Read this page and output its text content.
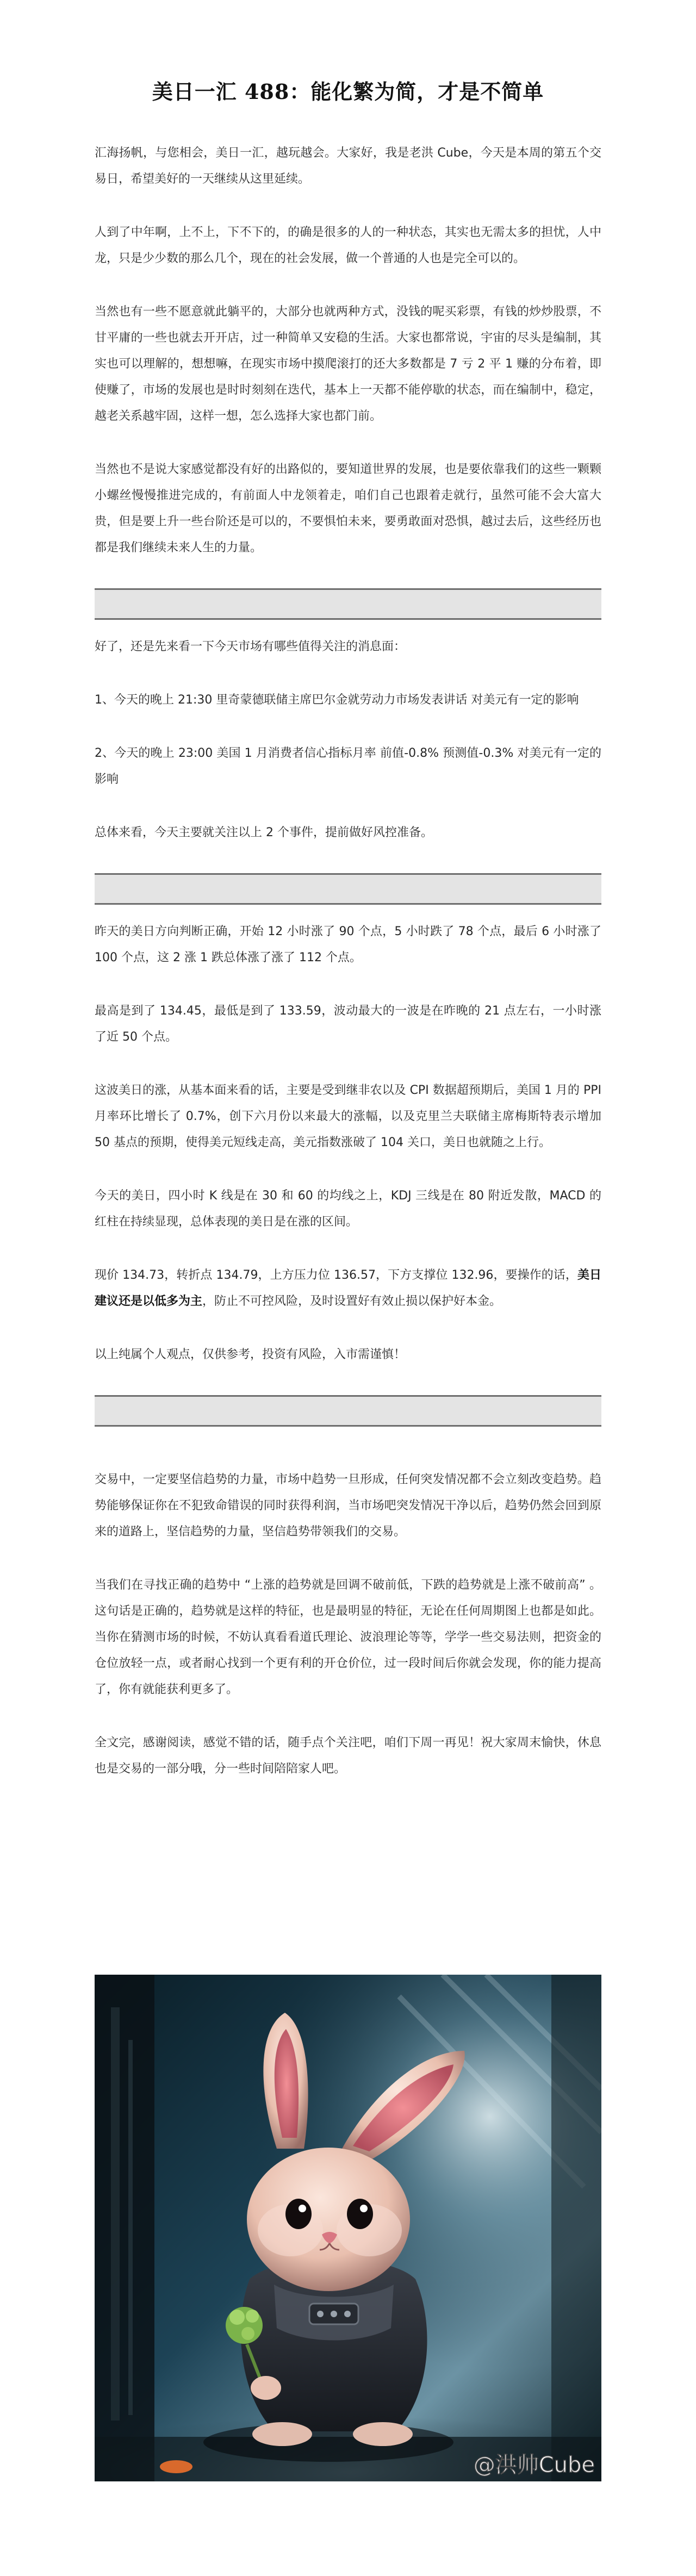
美日一汇 488：能化繁为简，才是不简单

汇海扬帆，与您相会，美日一汇，越玩越会。大家好，我是老洪 Cube，今天是本周的第五个交易日，希望美好的一天继续从这里延续。

人到了中年啊，上不上，下不下的，的确是很多的人的一种状态，其实也无需太多的担忧，人中龙，只是少少数的那么几个，现在的社会发展，做一个普通的人也是完全可以的。

当然也有一些不愿意就此躺平的，大部分也就两种方式，没钱的呢买彩票，有钱的炒炒股票，不甘平庸的一些也就去开开店，过一种简单又安稳的生活。大家也都常说，宇宙的尽头是编制，其实也可以理解的，想想嘛，在现实市场中摸爬滚打的还大多数都是 7 亏 2 平 1 赚的分布着，即使赚了，市场的发展也是时时刻刻在迭代，基本上一天都不能停歇的状态，而在编制中，稳定，越老关系越牢固，这样一想，怎么选择大家也都门前。

当然也不是说大家感觉都没有好的出路似的，要知道世界的发展，也是要依靠我们的这些一颗颗小螺丝慢慢推进完成的，有前面人中龙领着走，咱们自己也跟着走就行，虽然可能不会大富大贵，但是要上升一些台阶还是可以的，不要惧怕未来，要勇敢面对恐惧，越过去后，这些经历也都是我们继续未来人生的力量。

好了，还是先来看一下今天市场有哪些值得关注的消息面：

1、今天的晚上 21:30 里奇蒙德联储主席巴尔金就劳动力市场发表讲话 对美元有一定的影响

2、今天的晚上 23:00 美国 1 月消费者信心指标月率 前值-0.8% 预测值-0.3% 对美元有一定的影响

总体来看，今天主要就关注以上 2 个事件，提前做好风控准备。

昨天的美日方向判断正确，开始 12 小时涨了 90 个点，5 小时跌了 78 个点，最后 6 小时涨了 100 个点，这 2 涨 1 跌总体涨了涨了 112 个点。

最高是到了 134.45，最低是到了 133.59，波动最大的一波是在昨晚的 21 点左右，一小时涨了近 50 个点。

这波美日的涨，从基本面来看的话，主要是受到继非农以及 CPI 数据超预期后，美国 1 月的 PPI 月率环比增长了 0.7%，创下六月份以来最大的涨幅，以及克里兰夫联储主席梅斯特表示增加 50 基点的预期，使得美元短线走高，美元指数涨破了 104 关口，美日也就随之上行。

今天的美日，四小时 K 线是在 30 和 60 的均线之上，KDJ 三线是在 80 附近发散，MACD 的红柱在持续显现，总体表现的美日是在涨的区间。

现价 134.73，转折点 134.79，上方压力位 136.57，下方支撑位 132.96，要操作的话，美日建议还是以低多为主，防止不可控风险，及时设置好有效止损以保护好本金。

以上纯属个人观点，仅供参考，投资有风险，入市需谨慎！

交易中，一定要坚信趋势的力量，市场中趋势一旦形成，任何突发情况都不会立刻改变趋势。趋势能够保证你在不犯致命错误的同时获得利润，当市场吧突发情况干净以后，趋势仍然会回到原来的道路上，坚信趋势的力量，坚信趋势带领我们的交易。

当我们在寻找正确的趋势中 “上涨的趋势就是回调不破前低，下跌的趋势就是上涨不破前高” 。这句话是正确的，趋势就是这样的特征，也是最明显的特征，无论在任何周期图上也都是如此。当你在猜测市场的时候，不妨认真看看道氏理论、波浪理论等等，学学一些交易法则，把资金的仓位放轻一点，或者耐心找到一个更有利的开仓价位，过一段时间后你就会发现，你的能力提高了，你有就能获利更多了。

全文完，感谢阅读，感觉不错的话，随手点个关注吧，咱们下周一再见！祝大家周末愉快，休息也是交易的一部分哦，分一些时间陪陪家人吧。

@洪帅Cube
